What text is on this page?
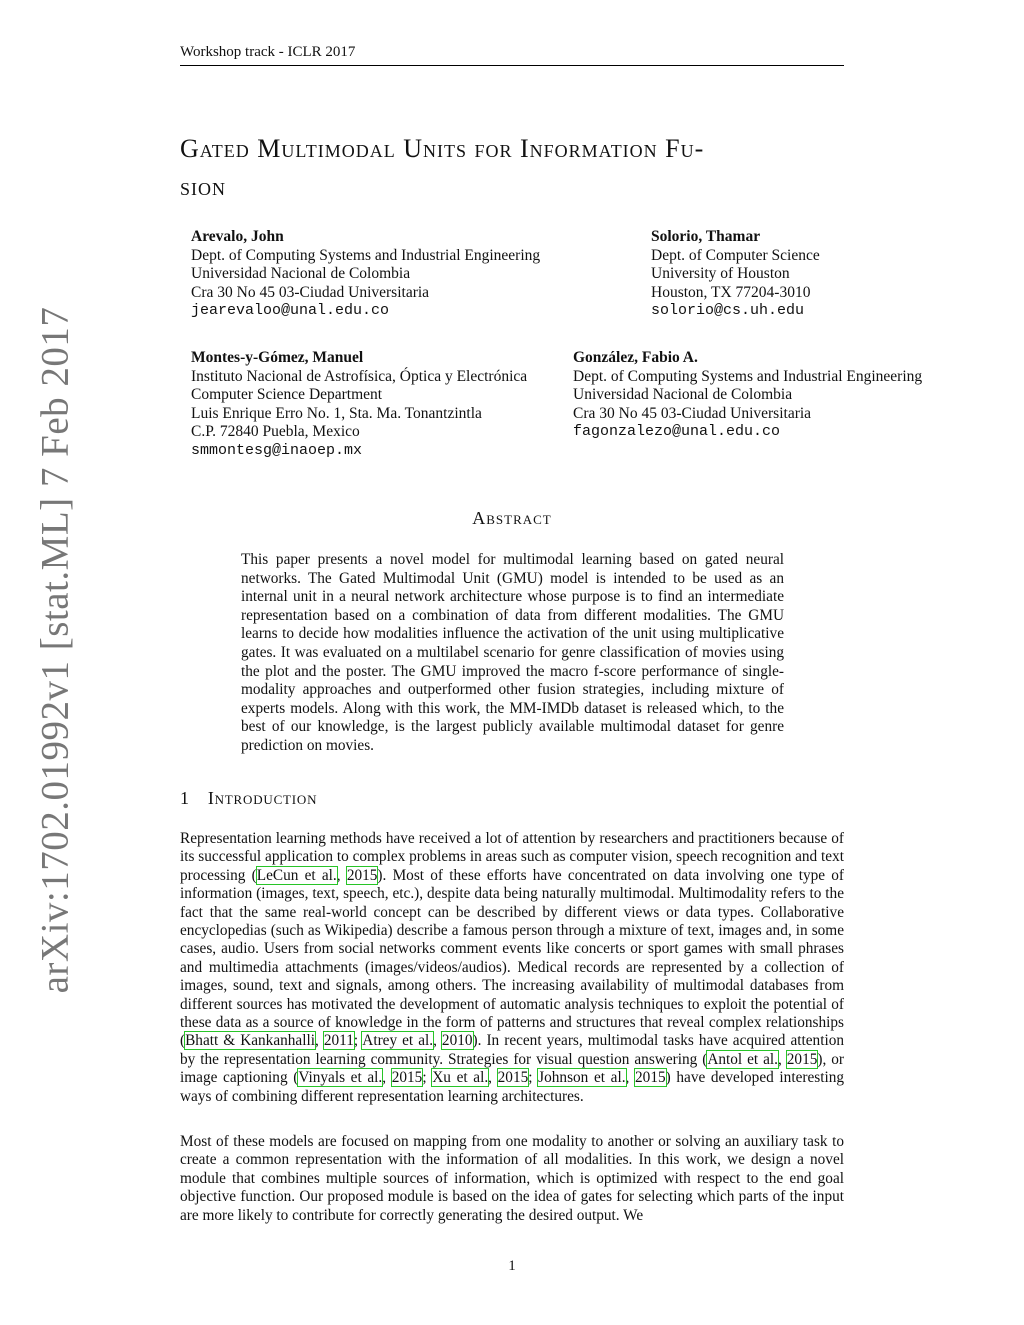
Workshop track - ICLR 2017
Gated Multimodal Units for Information Fu-
sion
Arevalo, John
Dept. of Computing Systems and Industrial Engineering
Universidad Nacional de Colombia
Cra 30 No 45 03-Ciudad Universitaria
jearevaloo@unal.edu.co
Solorio, Thamar
Dept. of Computer Science
University of Houston
Houston, TX 77204-3010
solorio@cs.uh.edu
Montes-y-Gómez, Manuel
Instituto Nacional de Astrofísica, Óptica y Electrónica
Computer Science Department
Luis Enrique Erro No. 1, Sta. Ma. Tonantzintla
C.P. 72840 Puebla, Mexico
smmontesg@inaoep.mx
González, Fabio A.
Dept. of Computing Systems and Industrial Engineering
Universidad Nacional de Colombia
Cra 30 No 45 03-Ciudad Universitaria
fagonzalezo@unal.edu.co
arXiv:1702.01992v1 [stat.ML] 7 Feb 2017	Abstract

This paper presents a novel model for multimodal learning based on gated neural networks. The Gated Multimodal Unit (GMU) model is intended to be used as an internal unit in a neural network architecture whose purpose is to find an intermediate representation based on a combination of data from different modalities. The GMU learns to decide how modalities influence the activation of the unit using multiplicative gates. It was evaluated on a multilabel scenario for genre classification of movies using the plot and the poster. The GMU improved the macro f-score performance of single-modality approaches and outperformed other fusion strategies, including mixture of experts models. Along with this work, the MM-IMDb dataset is released which, to the best of our knowledge, is the largest publicly available multimodal dataset for genre prediction on movies.

1 Introduction

Representation learning methods have received a lot of attention by researchers and practitioners because of its successful application to complex problems in areas such as computer vision, speech recognition and text processing (LeCun et al., 2015). Most of these efforts have concentrated on data involving one type of information (images, text, speech, etc.), despite data being naturally multimodal. Multimodality refers to the fact that the same real-world concept can be described by different views or data types. Collaborative encyclopedias (such as Wikipedia) describe a famous person through a mixture of text, images and, in some cases, audio. Users from social networks comment events like concerts or sport games with small phrases and multimedia attachments (images/videos/audios). Medical records are represented by a collection of images, sound, text and signals, among others. The increasing availability of multimodal databases from different sources has motivated the development of automatic analysis techniques to exploit the potential of these data as a source of knowledge in the form of patterns and structures that reveal complex relationships (Bhatt & Kankanhalli, 2011; Atrey et al., 2010). In recent years, multimodal tasks have acquired attention by the representation learning community. Strategies for visual question answering (Antol et al., 2015), or image captioning (Vinyals et al., 2015; Xu et al., 2015; Johnson et al., 2015) have developed interesting ways of combining different representation learning architectures.

Most of these models are focused on mapping from one modality to another or solving an auxiliary task to create a common representation with the information of all modalities. In this work, we design a novel module that combines multiple sources of information, which is optimized with respect to the end goal objective function. Our proposed module is based on the idea of gates for selecting which parts of the input are more likely to contribute for correctly generating the desired output. We

1
